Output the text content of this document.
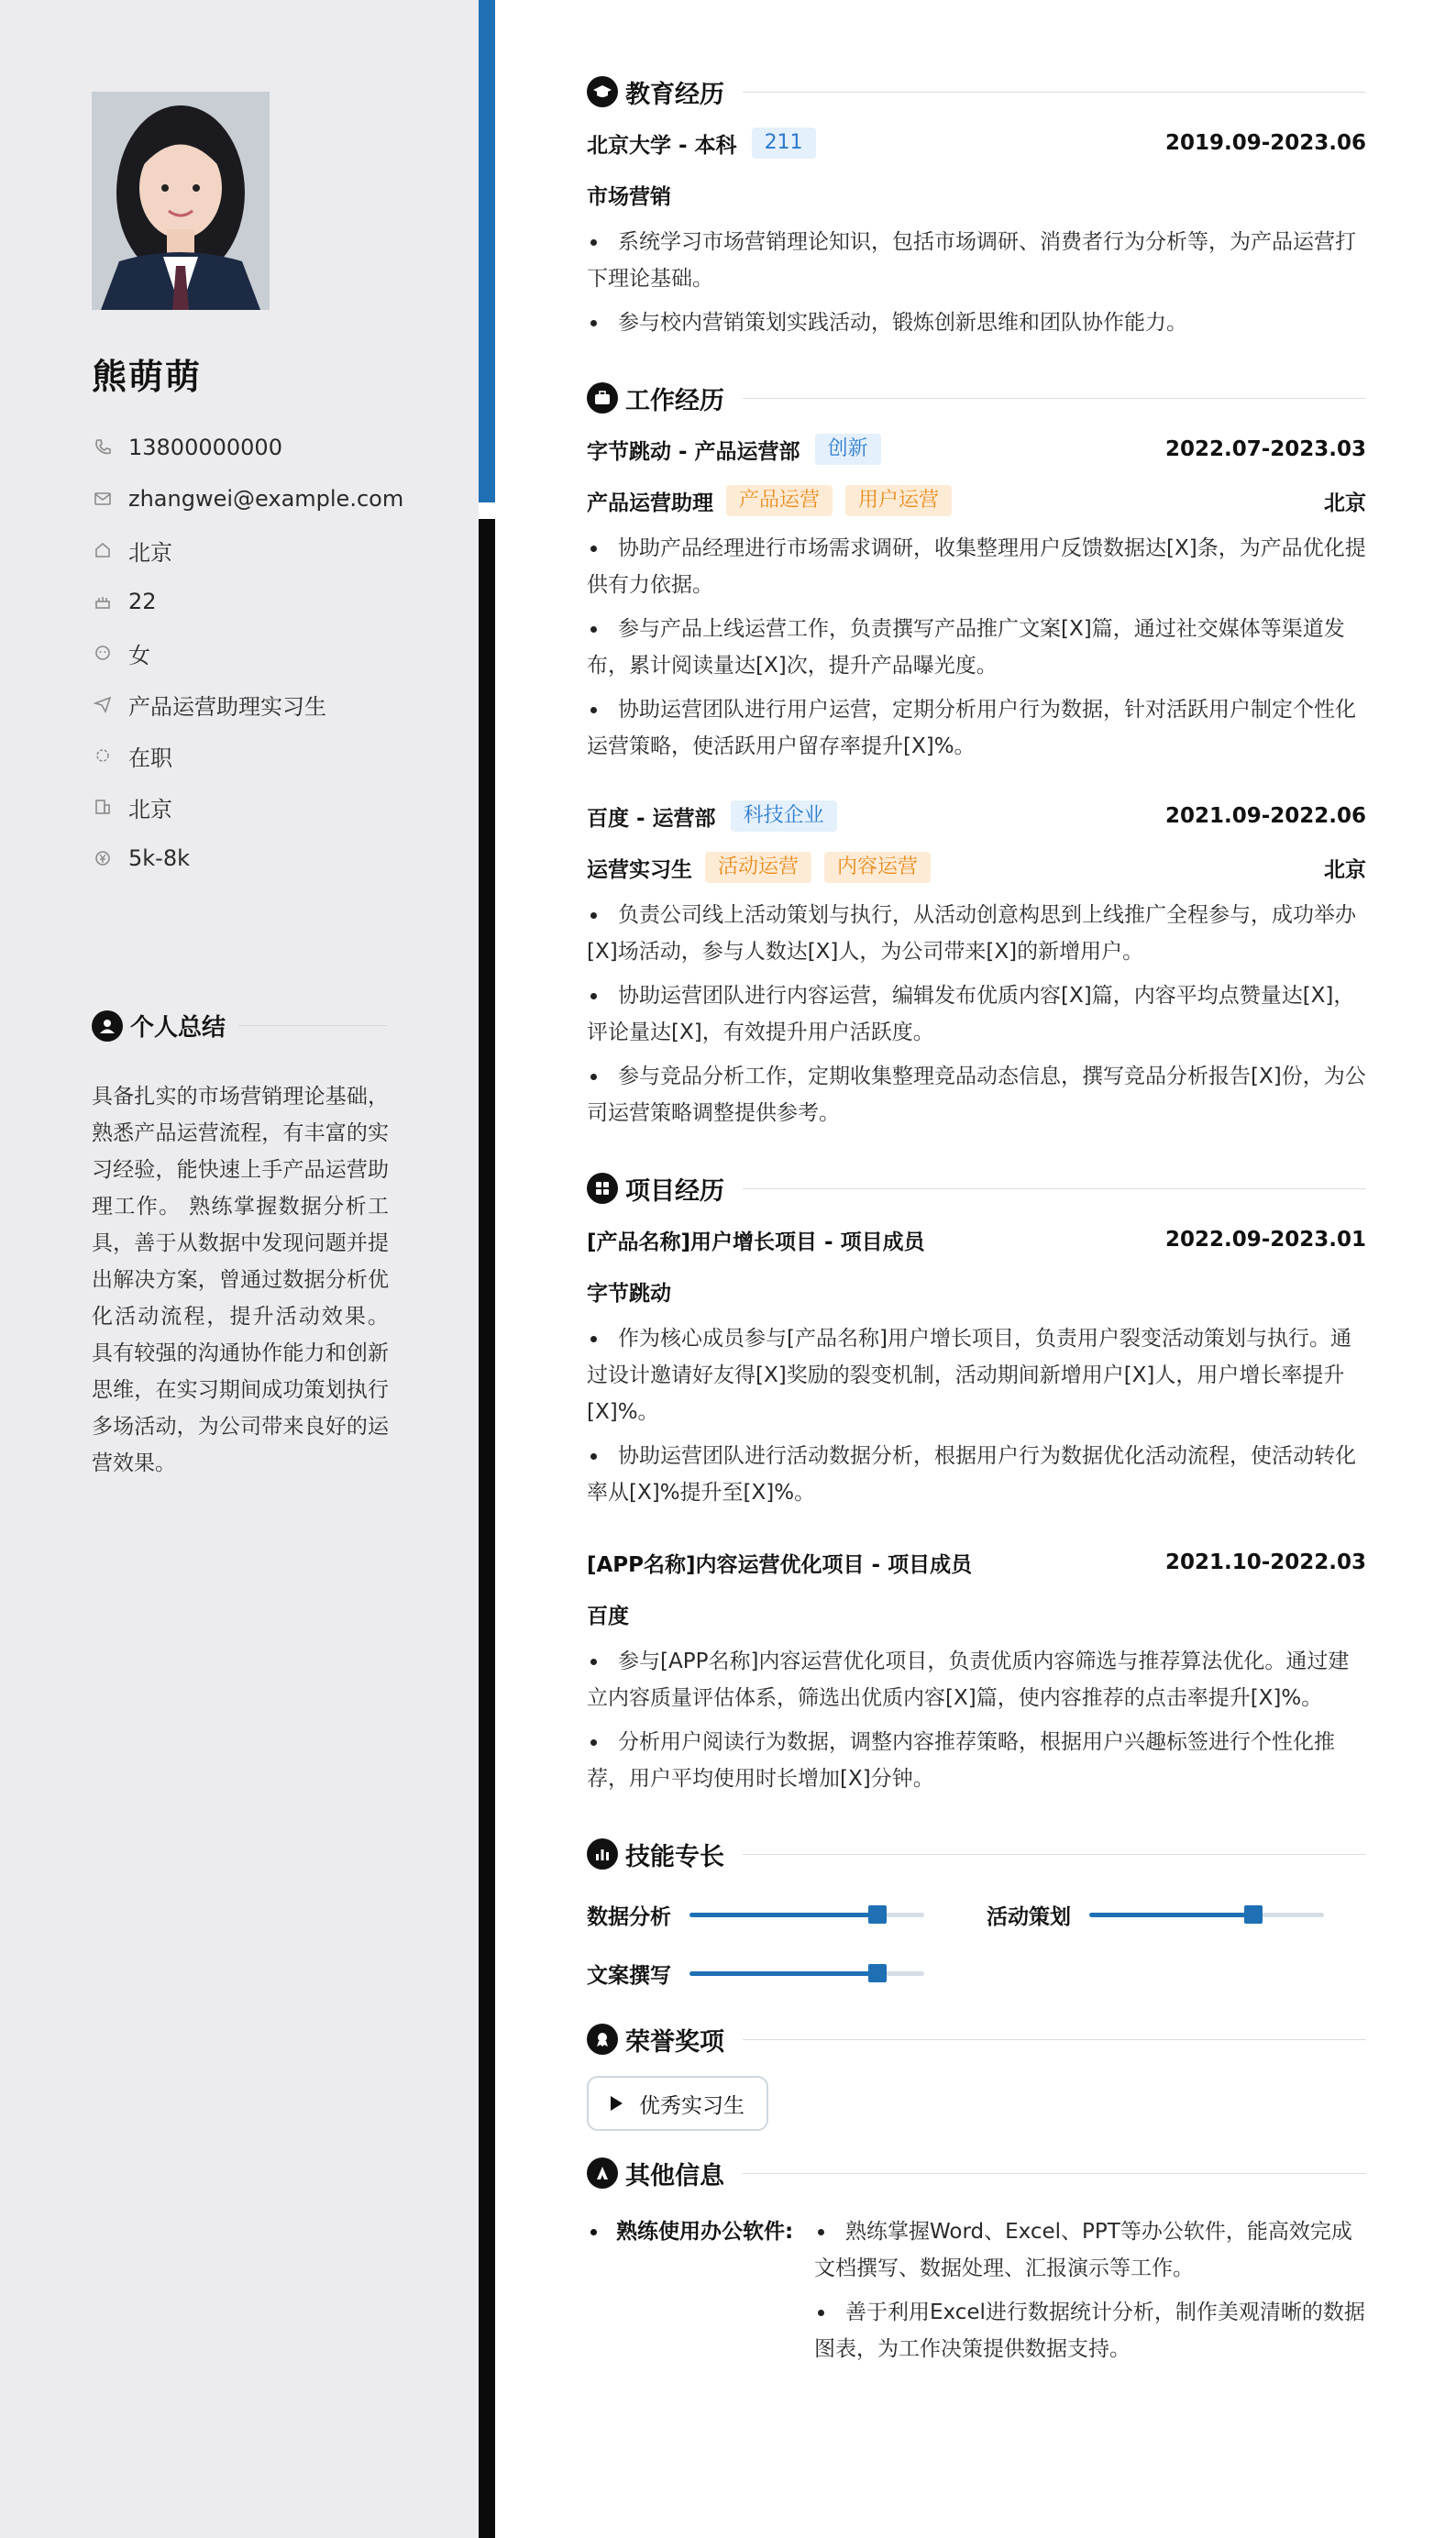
熊萌萌
13800000000
zhangwei@example.com
北京
22
女
产品运营助理实习生
在职
北京
5k-8k
个人总结
具备扎实的市场营销理论基础，熟悉产品运营流程，有丰富的实习经验，能快速上手产品运营助理工作。 熟练掌握数据分析工具，善于从数据中发现问题并提出解决方案，曾通过数据分析优化活动流程，提升活动效果。 具有较强的沟通协作能力和创新思维，在实习期间成功策划执行多场活动，为公司带来良好的运营效果。
教育经历
北京大学 - 本科	211	2019.09-2023.06
市场营销
系统学习市场营销理论知识，包括市场调研、消费者行为分析等，为产品运营打下理论基础。
参与校内营销策划实践活动，锻炼创新思维和团队协作能力。
工作经历
字节跳动 - 产品运营部	创新	2022.07-2023.03
产品运营助理	产品运营	用户运营	北京
协助产品经理进行市场需求调研，收集整理用户反馈数据达[X]条，为产品优化提供有力依据。
参与产品上线运营工作，负责撰写产品推广文案[X]篇，通过社交媒体等渠道发布，累计阅读量达[X]次，提升产品曝光度。
协助运营团队进行用户运营，定期分析用户行为数据，针对活跃用户制定个性化运营策略，使活跃用户留存率提升[X]%。
百度 - 运营部	科技企业	2021.09-2022.06
运营实习生	活动运营	内容运营	北京
负责公司线上活动策划与执行，从活动创意构思到上线推广全程参与，成功举办[X]场活动，参与人数达[X]人，为公司带来[X]的新增用户。
协助运营团队进行内容运营，编辑发布优质内容[X]篇，内容平均点赞量达[X]，评论量达[X]，有效提升用户活跃度。
参与竞品分析工作，定期收集整理竞品动态信息，撰写竞品分析报告[X]份，为公司运营策略调整提供参考。
项目经历
[产品名称]用户增长项目 - 项目成员	2022.09-2023.01
字节跳动
作为核心成员参与[产品名称]用户增长项目，负责用户裂变活动策划与执行。通过设计邀请好友得[X]奖励的裂变机制，活动期间新增用户[X]人，用户增长率提升[X]%。
协助运营团队进行活动数据分析，根据用户行为数据优化活动流程，使活动转化率从[X]%提升至[X]%。
[APP名称]内容运营优化项目 - 项目成员	2021.10-2022.03
百度
参与[APP名称]内容运营优化项目，负责优质内容筛选与推荐算法优化。通过建立内容质量评估体系，筛选出优质内容[X]篇，使内容推荐的点击率提升[X]%。
分析用户阅读行为数据，调整内容推荐策略，根据用户兴趣标签进行个性化推荐，用户平均使用时长增加[X]分钟。
技能专长
数据分析	活动策划
文案撰写
荣誉奖项
优秀实习生
其他信息
熟练使用办公软件:	熟练掌握Word、Excel、PPT等办公软件，能高效完成文档撰写、数据处理、汇报演示等工作。
善于利用Excel进行数据统计分析，制作美观清晰的数据图表，为工作决策提供数据支持。
